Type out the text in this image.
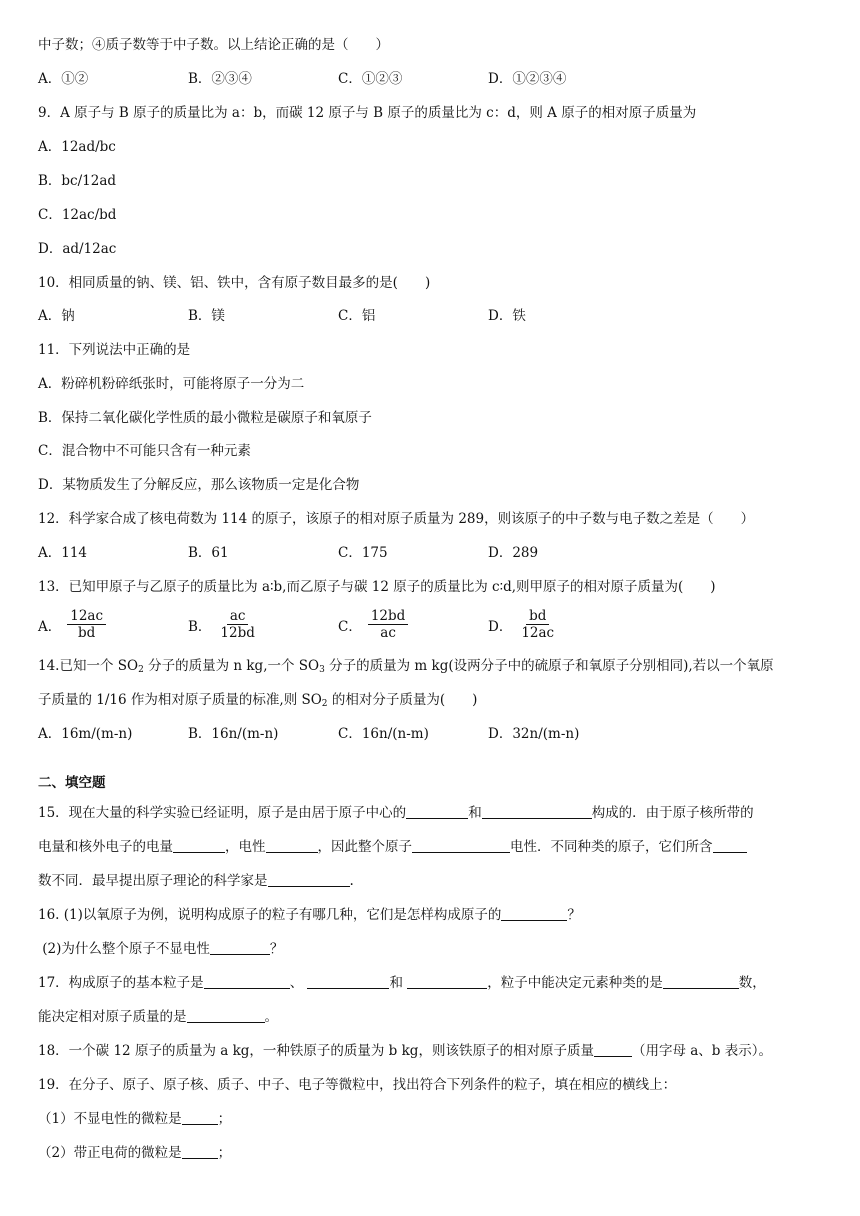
中子数；④质子数等于中子数。以上结论正确的是（　　）
A．①②	B．②③④	C．①②③	D．①②③④
9．A 原子与 B 原子的质量比为 a：b，而碳 12 原子与 B 原子的质量比为 c：d，则 A 原子的相对原子质量为
A．12ad/bc
B．bc/12ad
C．12ac/bd
D．ad/12ac
10．相同质量的钠、镁、铝、铁中，含有原子数目最多的是(　　)
A．钠	B．镁	C．铝	D．铁
11．下列说法中正确的是
A．粉碎机粉碎纸张时，可能将原子一分为二
B．保持二氧化碳化学性质的最小微粒是碳原子和氧原子
C．混合物中不可能只含有一种元素
D．某物质发生了分解反应，那么该物质一定是化合物
12．科学家合成了核电荷数为 114 的原子，该原子的相对原子质量为 289，则该原子的中子数与电子数之差是（　　）
A．114	B．61	C．175	D．289
13．已知甲原子与乙原子的质量比为 a∶b,而乙原子与碳 12 原子的质量比为 c∶d,则甲原子的相对原子质量为(　　)
A． $\frac{12ac}{bd}$	B． $\frac{ac}{12bd}$	C． $\frac{12bd}{ac}$	D． $\frac{bd}{12ac}$
14.已知一个 $SO_2$ 分子的质量为 n kg,一个 $SO_3$ 分子的质量为 m kg(设两分子中的硫原子和氧原子分别相同),若以一个氧原
子质量的 1/16 作为相对原子质量的标准,则 $SO_2$ 的相对分子质量为(　　)
A．16m/(m-n)	B．16n/(m-n)	C．16n/(n-m)	D．32n/(m-n)
二、填空题
15．现在大量的科学实验已经证明，原子是由居于原子中心的	和	构成的．由于原子核所带的
电量和核外电子的电量	，电性	，因此整个原子	电性．不同种类的原子，它们所含
数不同．最早提出原子理论的科学家是	.
16. (1)以氧原子为例，说明构成原子的粒子有哪几种，它们是怎样构成原子的	？
(2)为什么整个原子不显电性	？
17．构成原子的基本粒子是	、	和	，粒子中能决定元素种类的是	数，
能决定相对原子质量的是	。
18．一个碳 12 原子的质量为 a kg，一种铁原子的质量为 b kg，则该铁原子的相对原子质量	（用字母 a、b 表示）。
19．在分子、原子、原子核、质子、中子、电子等微粒中，找出符合下列条件的粒子，填在相应的横线上：
（1）不显电性的微粒是	；
（2）带正电荷的微粒是	；
